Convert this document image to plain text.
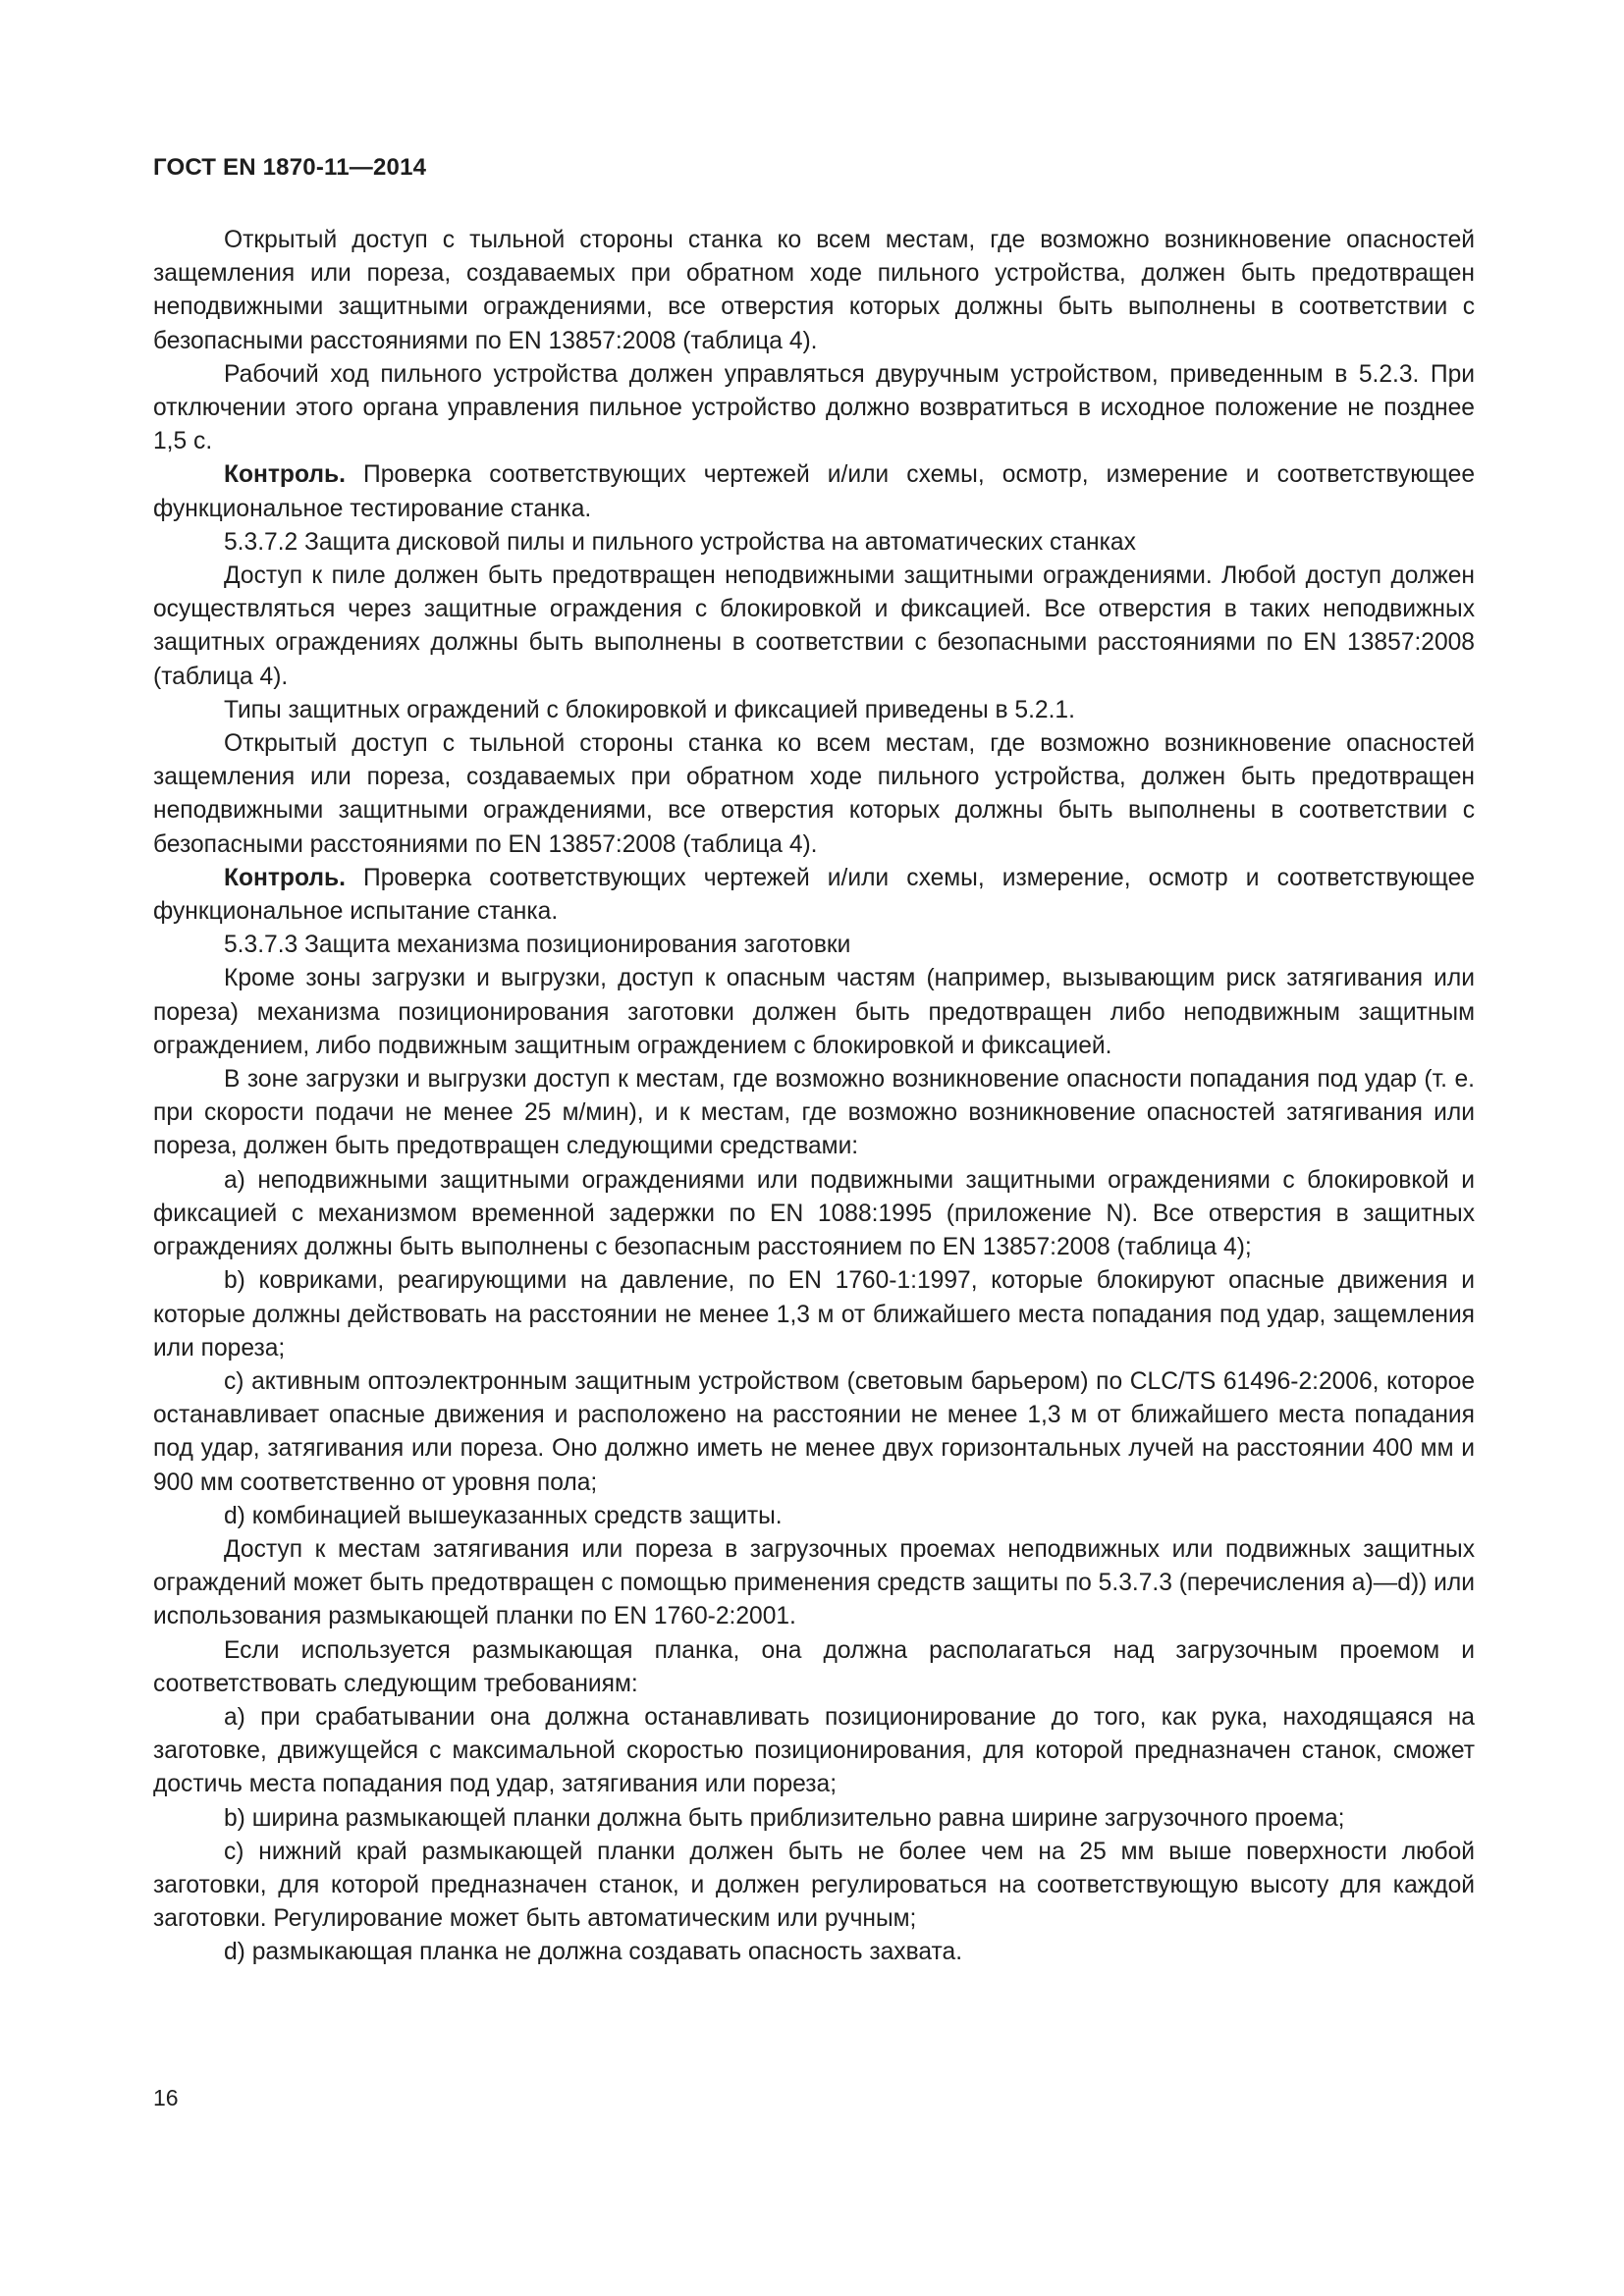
ГОСТ EN 1870-11—2014

Открытый доступ с тыльной стороны станка ко всем местам, где возможно возникновение опасностей защемления или пореза, создаваемых при обратном ходе пильного устройства, должен быть предотвращен неподвижными защитными ограждениями, все отверстия которых должны быть выполнены в соответствии с безопасными расстояниями по EN 13857:2008 (таблица 4).

Рабочий ход пильного устройства должен управляться двуручным устройством, приведенным в 5.2.3. При отключении этого органа управления пильное устройство должно возвратиться в исходное положение не позднее 1,5 с.

Контроль. Проверка соответствующих чертежей и/или схемы, осмотр, измерение и соответствующее функциональное тестирование станка.

5.3.7.2 Защита дисковой пилы и пильного устройства на автоматических станках

Доступ к пиле должен быть предотвращен неподвижными защитными ограждениями. Любой доступ должен осуществляться через защитные ограждения с блокировкой и фиксацией. Все отверстия в таких неподвижных защитных ограждениях должны быть выполнены в соответствии с безопасными расстояниями по EN 13857:2008 (таблица 4).

Типы защитных ограждений с блокировкой и фиксацией приведены в 5.2.1.

Открытый доступ с тыльной стороны станка ко всем местам, где возможно возникновение опасностей защемления или пореза, создаваемых при обратном ходе пильного устройства, должен быть предотвращен неподвижными защитными ограждениями, все отверстия которых должны быть выполнены в соответствии с безопасными расстояниями по EN 13857:2008 (таблица 4).

Контроль. Проверка соответствующих чертежей и/или схемы, измерение, осмотр и соответствующее функциональное испытание станка.

5.3.7.3 Защита механизма позиционирования заготовки

Кроме зоны загрузки и выгрузки, доступ к опасным частям (например, вызывающим риск затягивания или пореза) механизма позиционирования заготовки должен быть предотвращен либо неподвижным защитным ограждением, либо подвижным защитным ограждением с блокировкой и фиксацией.

В зоне загрузки и выгрузки доступ к местам, где возможно возникновение опасности попадания под удар (т. е. при скорости подачи не менее 25 м/мин), и к местам, где возможно возникновение опасностей затягивания или пореза, должен быть предотвращен следующими средствами:

a) неподвижными защитными ограждениями или подвижными защитными ограждениями с блокировкой и фиксацией с механизмом временной задержки по EN 1088:1995 (приложение N). Все отверстия в защитных ограждениях должны быть выполнены с безопасным расстоянием по EN 13857:2008 (таблица 4);

b) ковриками, реагирующими на давление, по EN 1760-1:1997, которые блокируют опасные движения и которые должны действовать на расстоянии не менее 1,3 м от ближайшего места попадания под удар, защемления или пореза;

c) активным оптоэлектронным защитным устройством (световым барьером) по CLC/TS 61496-2:2006, которое останавливает опасные движения и расположено на расстоянии не менее 1,3 м от ближайшего места попадания под удар, затягивания или пореза. Оно должно иметь не менее двух горизонтальных лучей на расстоянии 400 мм и 900 мм соответственно от уровня пола;

d) комбинацией вышеуказанных средств защиты.

Доступ к местам затягивания или пореза в загрузочных проемах неподвижных или подвижных защитных ограждений может быть предотвращен с помощью применения средств защиты по 5.3.7.3 (перечисления a)—d)) или использования размыкающей планки по EN 1760-2:2001.

Если используется размыкающая планка, она должна располагаться над загрузочным проемом и соответствовать следующим требованиям:

a) при срабатывании она должна останавливать позиционирование до того, как рука, находящаяся на заготовке, движущейся с максимальной скоростью позиционирования, для которой предназначен станок, сможет достичь места попадания под удар, затягивания или пореза;

b) ширина размыкающей планки должна быть приблизительно равна ширине загрузочного проема;

c) нижний край размыкающей планки должен быть не более чем на 25 мм выше поверхности любой заготовки, для которой предназначен станок, и должен регулироваться на соответствующую высоту для каждой заготовки. Регулирование может быть автоматическим или ручным;

d) размыкающая планка не должна создавать опасность захвата.

16
